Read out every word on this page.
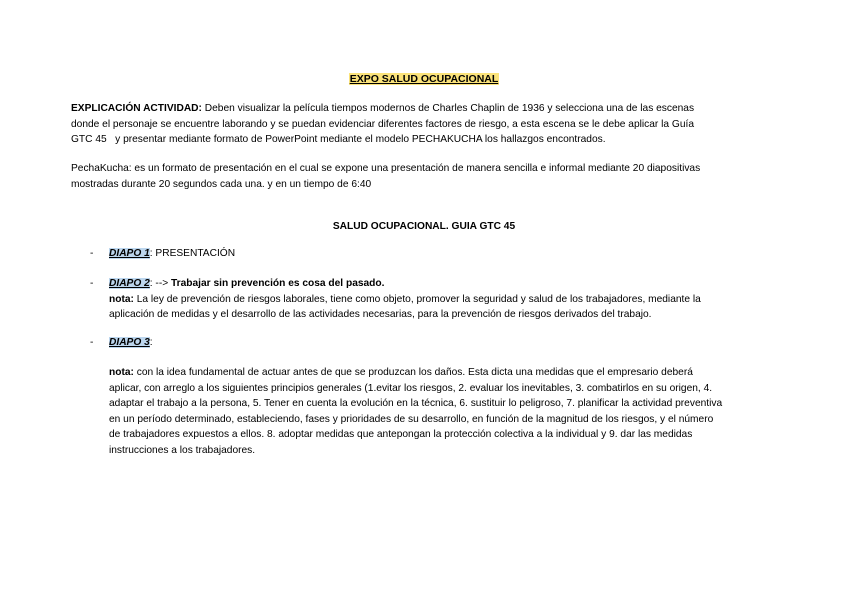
EXPO SALUD OCUPACIONAL
EXPLICACIÓN ACTIVIDAD: Deben visualizar la película tiempos modernos de Charles Chaplin de 1936 y selecciona una de las escenas
donde el personaje se encuentre laborando y se puedan evidenciar diferentes factores de riesgo, a esta escena se le debe aplicar la Guía
GTC 45   y presentar mediante formato de PowerPoint mediante el modelo PECHAKUCHA los hallazgos encontrados.
PechaKucha: es un formato de presentación en el cual se expone una presentación de manera sencilla e informal mediante 20 diapositivas
mostradas durante 20 segundos cada una. y en un tiempo de 6:40
SALUD OCUPACIONAL. GUIA GTC 45
- DIAPO 1: PRESENTACIÓN
- DIAPO 2: --> Trabajar sin prevención es cosa del pasado.
nota: La ley de prevención de riesgos laborales, tiene como objeto, promover la seguridad y salud de los trabajadores, mediante la
aplicación de medidas y el desarrollo de las actividades necesarias, para la prevención de riesgos derivados del trabajo.
- DIAPO 3:
nota: con la idea fundamental de actuar antes de que se produzcan los daños. Esta dicta una medidas que el empresario deberá
aplicar, con arreglo a los siguientes principios generales (1.evitar los riesgos, 2. evaluar los inevitables, 3. combatirlos en su origen, 4.
adaptar el trabajo a la persona, 5. Tener en cuenta la evolución en la técnica, 6. sustituir lo peligroso, 7. planificar la actividad preventiva
en un período determinado, estableciendo, fases y prioridades de su desarrollo, en función de la magnitud de los riesgos, y el número
de trabajadores expuestos a ellos. 8. adoptar medidas que antepongan la protección colectiva a la individual y 9. dar las medidas
instrucciones a los trabajadores.
